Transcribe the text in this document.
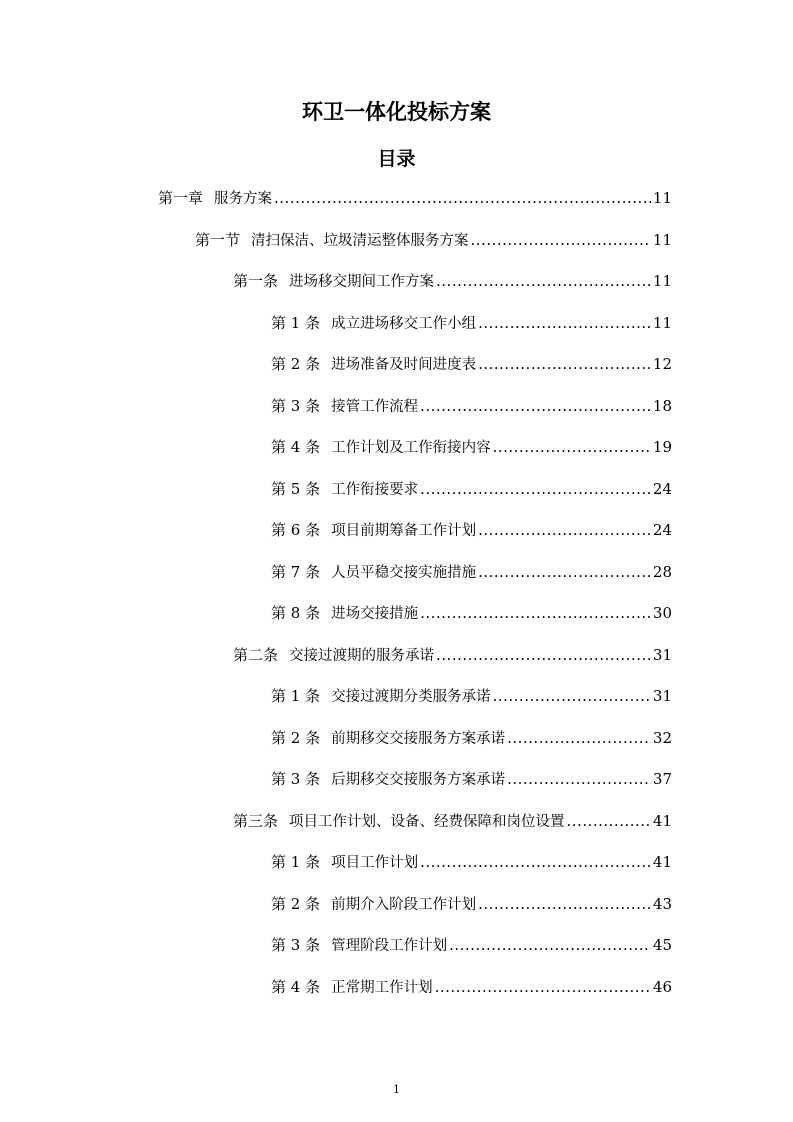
环卫一体化投标方案
目录
第一章 服务方案 .....	11
第一节 清扫保洁、垃圾清运整体服务方案 .....	11
第一条 进场移交期间工作方案 .....	11
第 1 条 成立进场移交工作小组 .....	11
第 2 条 进场准备及时间进度表 .....	12
第 3 条 接管工作流程 .....	18
第 4 条 工作计划及工作衔接内容 .....	19
第 5 条 工作衔接要求 .....	24
第 6 条 项目前期筹备工作计划 .....	24
第 7 条 人员平稳交接实施措施 .....	28
第 8 条 进场交接措施 .....	30
第二条 交接过渡期的服务承诺 .....	31
第 1 条 交接过渡期分类服务承诺 .....	31
第 2 条 前期移交交接服务方案承诺 .....	32
第 3 条 后期移交交接服务方案承诺 .....	37
第三条 项目工作计划、设备、经费保障和岗位设置 .....	41
第 1 条 项目工作计划 .....	41
第 2 条 前期介入阶段工作计划 .....	43
第 3 条 管理阶段工作计划 .....	45
第 4 条 正常期工作计划 .....	46
1
